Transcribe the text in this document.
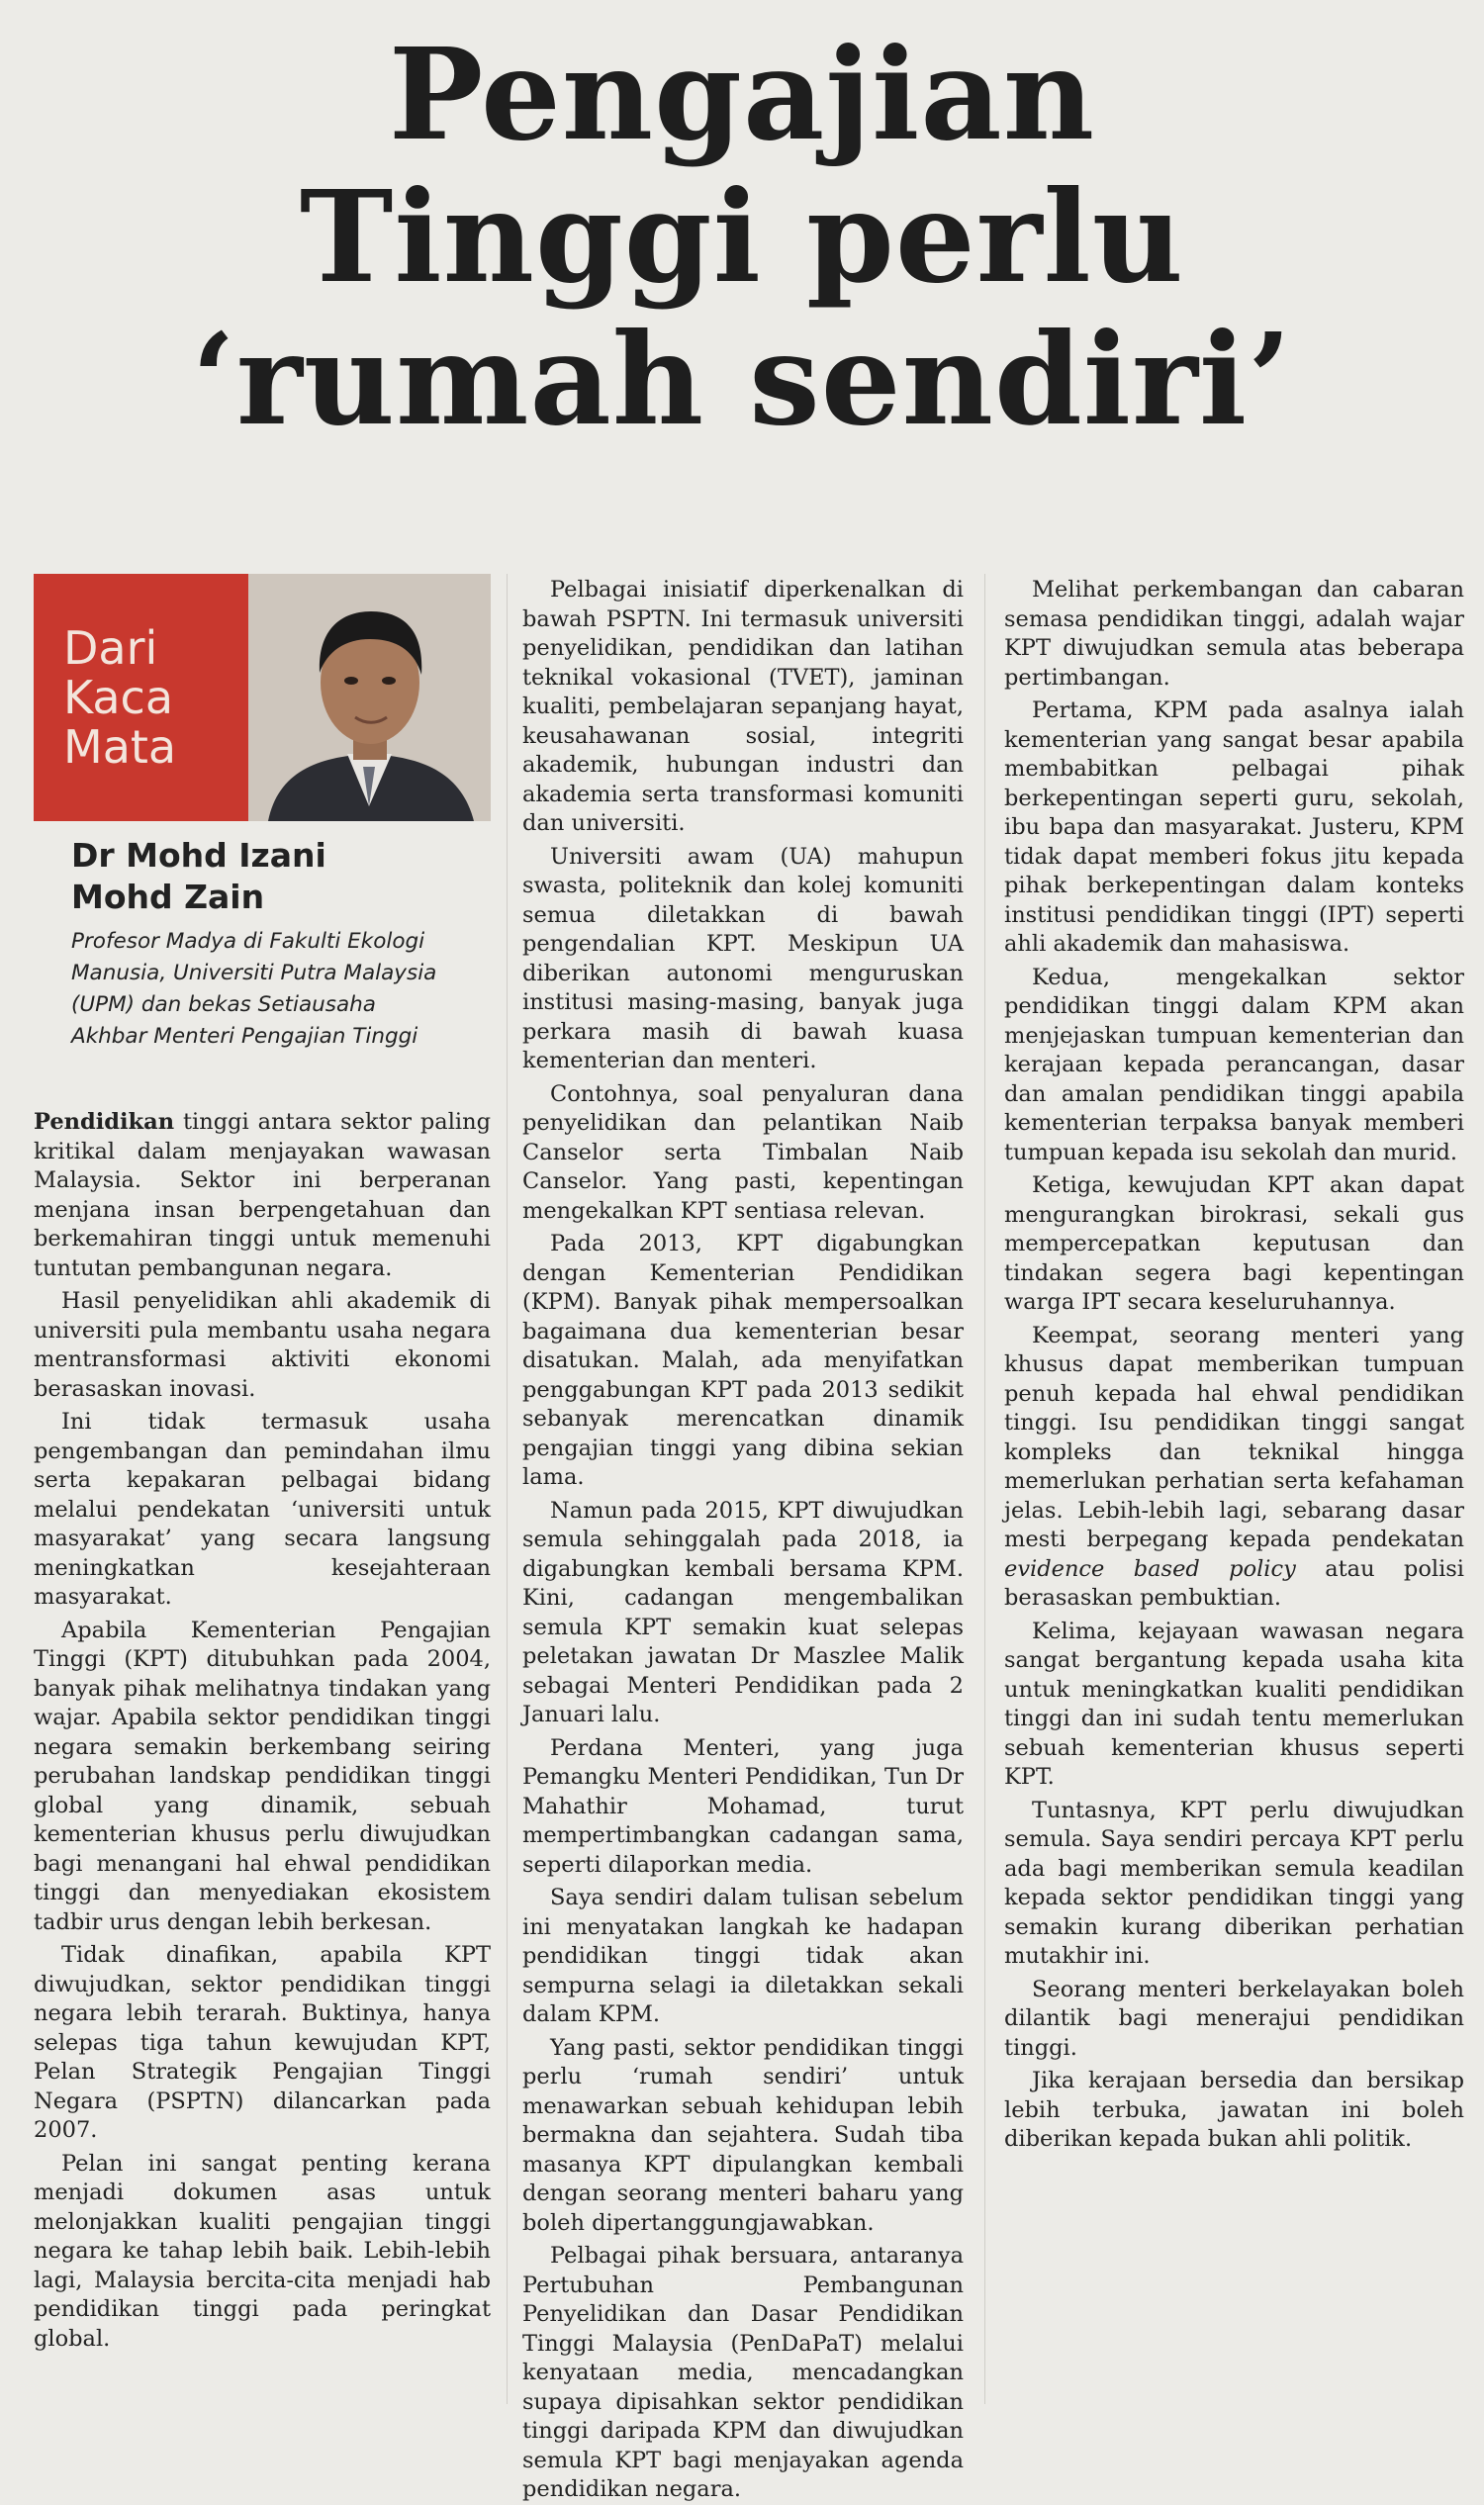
Pengajian
Tinggi perlu
‘rumah sendiri’
Dari
Kaca
Mata
Dr Mohd Izani
Mohd Zain
Profesor Madya di Fakulti Ekologi
Manusia, Universiti Putra Malaysia
(UPM) dan bekas Setiausaha
Akhbar Menteri Pengajian Tinggi

Pendidikan tinggi antara sektor paling kritikal dalam menjayakan wawasan Malaysia. Sektor ini berperanan menjana insan berpengetahuan dan berkemahiran tinggi untuk memenuhi tuntutan pembangunan negara.

Hasil penyelidikan ahli akademik di universiti pula membantu usaha negara mentransformasi aktiviti ekonomi berasaskan inovasi.

Ini tidak termasuk usaha pengembangan dan pemindahan ilmu serta kepakaran pelbagai bidang melalui pendekatan ‘universiti untuk masyarakat’ yang secara langsung meningkatkan kesejahteraan masyarakat.

Apabila Kementerian Pengajian Tinggi (KPT) ditubuhkan pada 2004, banyak pihak melihatnya tindakan yang wajar. Apabila sektor pendidikan tinggi negara semakin berkembang seiring perubahan landskap pendidikan tinggi global yang dinamik, sebuah kementerian khusus perlu diwujudkan bagi menangani hal ehwal pendidikan tinggi dan menyediakan ekosistem tadbir urus dengan lebih berkesan.

Tidak dinafikan, apabila KPT diwujudkan, sektor pendidikan tinggi negara lebih terarah. Buktinya, hanya selepas tiga tahun kewujudan KPT, Pelan Strategik Pengajian Tinggi Negara (PSPTN) dilancarkan pada 2007.

Pelan ini sangat penting kerana menjadi dokumen asas untuk melonjakkan kualiti pengajian tinggi negara ke tahap lebih baik. Lebih-lebih lagi, Malaysia bercita-cita menjadi hab pendidikan tinggi pada peringkat global.

Pelbagai inisiatif diperkenalkan di bawah PSPTN. Ini termasuk universiti penyelidikan, pendidikan dan latihan teknikal vokasional (TVET), jaminan kualiti, pembelajaran sepanjang hayat, keusahawanan sosial, integriti akademik, hubungan industri dan akademia serta transformasi komuniti dan universiti.

Universiti awam (UA) mahupun swasta, politeknik dan kolej komuniti semua diletakkan di bawah pengendalian KPT. Meskipun UA diberikan autonomi menguruskan institusi masing-masing, banyak juga perkara masih di bawah kuasa kementerian dan menteri.

Contohnya, soal penyaluran dana penyelidikan dan pelantikan Naib Canselor serta Timbalan Naib Canselor. Yang pasti, kepentingan mengekalkan KPT sentiasa relevan.

Pada 2013, KPT digabungkan dengan Kementerian Pendidikan (KPM). Banyak pihak mempersoalkan bagaimana dua kementerian besar disatukan. Malah, ada menyifatkan penggabungan KPT pada 2013 sedikit sebanyak merencatkan dinamik pengajian tinggi yang dibina sekian lama.

Namun pada 2015, KPT diwujudkan semula sehinggalah pada 2018, ia digabungkan kembali bersama KPM. Kini, cadangan mengembalikan semula KPT semakin kuat selepas peletakan jawatan Dr Maszlee Malik sebagai Menteri Pendidikan pada 2 Januari lalu.

Perdana Menteri, yang juga Pemangku Menteri Pendidikan, Tun Dr Mahathir Mohamad, turut mempertimbangkan cadangan sama, seperti dilaporkan media.

Saya sendiri dalam tulisan sebelum ini menyatakan langkah ke hadapan pendidikan tinggi tidak akan sempurna selagi ia diletakkan sekali dalam KPM.

Yang pasti, sektor pendidikan tinggi perlu ‘rumah sendiri’ untuk menawarkan sebuah kehidupan lebih bermakna dan sejahtera. Sudah tiba masanya KPT dipulangkan kembali dengan seorang menteri baharu yang boleh dipertanggungjawabkan.

Pelbagai pihak bersuara, antaranya Pertubuhan Pembangunan Penyelidikan dan Dasar Pendidikan Tinggi Malaysia (PenDaPaT) melalui kenyataan media, mencadangkan supaya dipisahkan sektor pendidikan tinggi daripada KPM dan diwujudkan semula KPT bagi menjayakan agenda pendidikan negara.

Melihat perkembangan dan cabaran semasa pendidikan tinggi, adalah wajar KPT diwujudkan semula atas beberapa pertimbangan.

Pertama, KPM pada asalnya ialah kementerian yang sangat besar apabila membabitkan pelbagai pihak berkepentingan seperti guru, sekolah, ibu bapa dan masyarakat. Justeru, KPM tidak dapat memberi fokus jitu kepada pihak berkepentingan dalam konteks institusi pendidikan tinggi (IPT) seperti ahli akademik dan mahasiswa.

Kedua, mengekalkan sektor pendidikan tinggi dalam KPM akan menjejaskan tumpuan kementerian dan kerajaan kepada perancangan, dasar dan amalan pendidikan tinggi apabila kementerian terpaksa banyak memberi tumpuan kepada isu sekolah dan murid.

Ketiga, kewujudan KPT akan dapat mengurangkan birokrasi, sekali gus mempercepatkan keputusan dan tindakan segera bagi kepentingan warga IPT secara keseluruhannya.

Keempat, seorang menteri yang khusus dapat memberikan tumpuan penuh kepada hal ehwal pendidikan tinggi. Isu pendidikan tinggi sangat kompleks dan teknikal hingga memerlukan perhatian serta kefahaman jelas. Lebih-lebih lagi, sebarang dasar mesti berpegang kepada pendekatan evidence based policy atau polisi berasaskan pembuktian.

Kelima, kejayaan wawasan negara sangat bergantung kepada usaha kita untuk meningkatkan kualiti pendidikan tinggi dan ini sudah tentu memerlukan sebuah kementerian khusus seperti KPT.

Tuntasnya, KPT perlu diwujudkan semula. Saya sendiri percaya KPT perlu ada bagi memberikan semula keadilan kepada sektor pendidikan tinggi yang semakin kurang diberikan perhatian mutakhir ini.

Seorang menteri berkelayakan boleh dilantik bagi menerajui pendidikan tinggi.

Jika kerajaan bersedia dan bersikap lebih terbuka, jawatan ini boleh diberikan kepada bukan ahli politik.
